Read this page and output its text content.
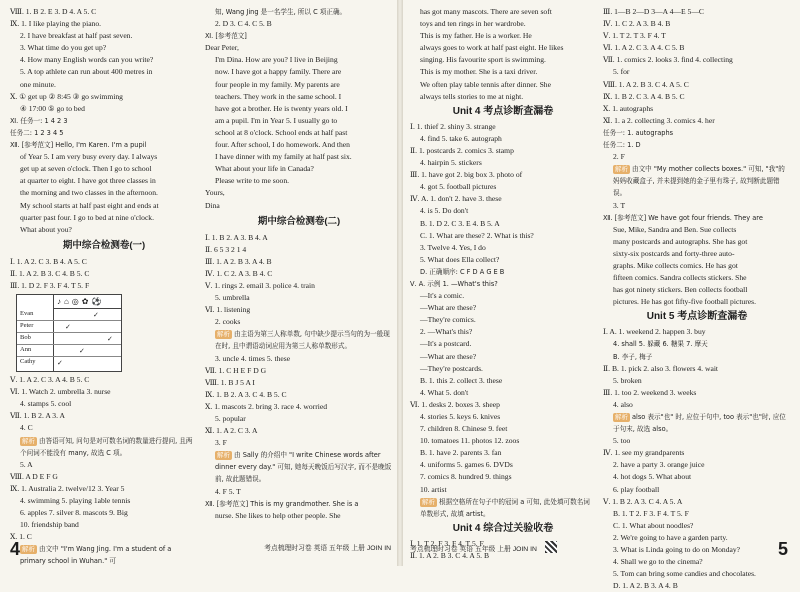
Ⅷ. 1. B 2. E 3. D 4. A 5. C
Ⅸ. 1. I like playing the piano.
2. I have breakfast at half past seven.
3. What time do you get up?
4. How many English words can you write?
5. A top athlete can run about 400 metres in
one minute.
Ⅹ. ① get up ② 8:45 ③ go swimming
④ 17:00 ⑤ go to bed
Ⅺ. 任务一: 1 4 2 3
任务二: 1 2 3 4 5
Ⅻ. [参考范文] Hello, I'm Karen. I'm a pupil
of Year 5. I am very busy every day. I always
get up at seven o'clock. Then I go to school
at quarter to eight. I have got three classes in
the morning and two classes in the afternoon.
My school starts at half past eight and ends at
quarter past four. I go to bed at nine o'clock.
What about you?
期中综合检测卷(一)
Ⅰ. 1. A 2. C 3. B 4. A 5. C
Ⅱ. 1. A 2. B 3. C 4. B 5. C
Ⅲ. 1. D 2. F 3. F 4. T 5. F
♪⌂◎✿⚽
Evan
Peter
Bob
Ann
Cathy
✓
✓
✓
✓
✓
Ⅴ. 1. A 2. C 3. A 4. B 5. C
Ⅵ. 1. Watch 2. umbrella 3. nurse
4. stamps 5. cool
Ⅶ. 1. B 2. A 3. A
4. C
解析 由答语可知, 问句是对可数名词的数量进行提问, 且两
个问词不能没有 many, 故选 C 项。
5. A
Ⅷ. A D E F G
Ⅸ. 1. Australia 2. twelve/12 3. Year 5
4. swimming 5. playing 1able tennis
6. apples 7. silver 8. mascots 9. Big
10. friendship band
Ⅹ. 1. C
解析 由文中 "I'm Wang Jing. I'm a student of a primary school in Wuhan." 可
知, Wang Jing 是一名学生, 所以 C 项正确。
2. D 3. C 4. C 5. B
Ⅺ. [参考范文]
Dear Peter,
I'm Dina. How are you? I live in Beijing
now. I have got a happy family. There are
four people in my family. My parents are
teachers. They work in the same school. I
have got a brother. He is twenty years old. I
am a pupil. I'm in Year 5. I usually go to
school at 8 o'clock. School ends at half past
four. After school, I do homework. And then
I have dinner with my family at half past six.
What about your life in Canada?
Please write to me soon.
Yours,
Dina
期中综合检测卷(二)
Ⅰ. 1. B 2. A 3. B 4. A
Ⅱ. 6 5 3 2 1 4
Ⅲ. 1. A 2. B 3. A 4. B
Ⅳ. 1. C 2. A 3. B 4. C
Ⅴ. 1. rings 2. email 3. police 4. train
5. umbrella
Ⅵ. 1. listening
2. cooks
解析 由主语为第三人称单数, 句中缺少提示当句的为一般现在时, 且中谓语动词应用为第三人称单数形式。
3. uncle 4. times 5. these
Ⅶ. 1. C H E F D G
Ⅷ. 1. B J 5 A I
Ⅸ. 1. B 2. A 3. C 4. B 5. C
Ⅹ. 1. mascots 2. bring 3. race 4. worried
5. popular
Ⅺ. 1. A 2. C 3. A
3. F
解析 由 Sally 的介绍中 "I write Chinese words after dinner every day." 可知, 她每天晚饭后写汉字, 而不是晚饭前, 故此题错误。
4. F 5. T
Ⅻ. [参考范文] This is my grandmother. She is a
nurse. She likes to help other people. She
4	考点梳理时习卷 英语 五年级 上册 JOIN IN
has got many mascots. There are seven soft
toys and ten rings in her wardrobe.
This is my father. He is a worker. He
always goes to work at half past eight. He likes
singing. His favourite sport is swimming.
This is my mother. She is a taxi driver.
We often play table tennis after dinner. She
always tells stories to me at night.
Unit 4 考点诊断查漏卷
Ⅰ. 1. thief 2. shiny 3. strange
4. find 5. take 6. autograph
Ⅱ. 1. postcards 2. comics 3. stamp
4. hairpin 5. stickers
Ⅲ. 1. have got 2. big box 3. photo of
4. got 5. football pictures
Ⅳ. A. 1. don't 2. have 3. these
4. is 5. Do don't
B. 1. D 2. C 3. E 4. B 5. A
C. 1. What are these? 2. What is this?
3. Twelve 4. Yes, I do
5. What does Ella collect?
D. 正确顺序: C F D A G E B
Ⅴ. A. 示例 1. —What's this?
—It's a comic.
—What are these?
—They're comics.
2. —What's this?
—It's a postcard.
—What are these?
—They're postcards.
B. 1. this 2. collect 3. these
4. What 5. don't
Ⅵ. 1. desks 2. boxes 3. sheep
4. stories 5. keys 6. knives
7. children 8. Chinese 9. feet
10. tomatoes 11. photos 12. zoos
B. 1. have 2. parents 3. fan
4. uniforms 5. games 6. DVDs
7. comics 8. hundred 9. things
10. artist
解析 根据空格所在句子中的冠词 a 可知, 此处填可数名词单数形式, 故填 artist。
Unit 4 综合过关验收卷
Ⅰ. 1. T 2. F 3. F 4. T 5. F
Ⅱ. 1. A 2. B 3. C 4. A 5. B
Ⅲ. 1—B 2—D 3—A 4—E 5—C
Ⅳ. 1. C 2. A 3. B 4. B
Ⅴ. 1. T 2. T 3. F 4. T
Ⅵ. 1. A 2. C 3. A 4. C 5. B
Ⅶ. 1. comics 2. looks 3. find 4. collecting
5. for
Ⅷ. 1. A 2. B 3. C 4. A 5. C
Ⅸ. 1. B 2. C 3. A 4. B 5. C
Ⅹ. 1. autographs
Ⅺ. 1. a 2. collecting 3. comics 4. her
任务一: 1. autographs
任务二: 1. D
2. F
解析 由文中 "My mother collects boxes." 可知, "我"的妈妈收藏盒子, 并未提到她的金子里有珠子, 故判断此题错误。
3. T
Ⅻ. [参考范文] We have got four friends. They are
Sue, Mike, Sandra and Ben. Sue collects
many postcards and autographs. She has got
sixty-six postcards and forty-three auto-
graphs. Mike collects comics. He has got
fifteen comics. Sandra collects stickers. She
has got ninety stickers. Ben collects football
pictures. He has got fifty-five football pictures.
Unit 5 考点诊断查漏卷
Ⅰ. A. 1. weekend 2. happen 3. buy
4. shall 5. 躲藏 6. 糖果 7. 摩天
B. 李子, 梅子
Ⅱ. B. 1. pick 2. also 3. flowers 4. wait
5. broken
Ⅲ. 1. too 2. weekend 3. weeks
4. also
解析 also 表示"也" 时, 应位于句中, too 表示"也"时, 应位于句末, 故选 also。
5. too
Ⅳ. 1. see my grandparents
2. have a party 3. orange juice
4. hot dogs 5. What about
6. play football
Ⅴ. 1. B 2. A 3. C 4. A 5. A
B. 1. T 2. F 3. F 4. T 5. F
C. 1. What about noodles?
2. We're going to have a garden party.
3. What is Linda going to do on Monday?
4. Shall we go to the cinema?
5. Tom can bring some candies and chocolates.
D. 1. A 2. B 3. A 4. B
考点梳理时习卷 英语 五年级 上册 JOIN IN	5
